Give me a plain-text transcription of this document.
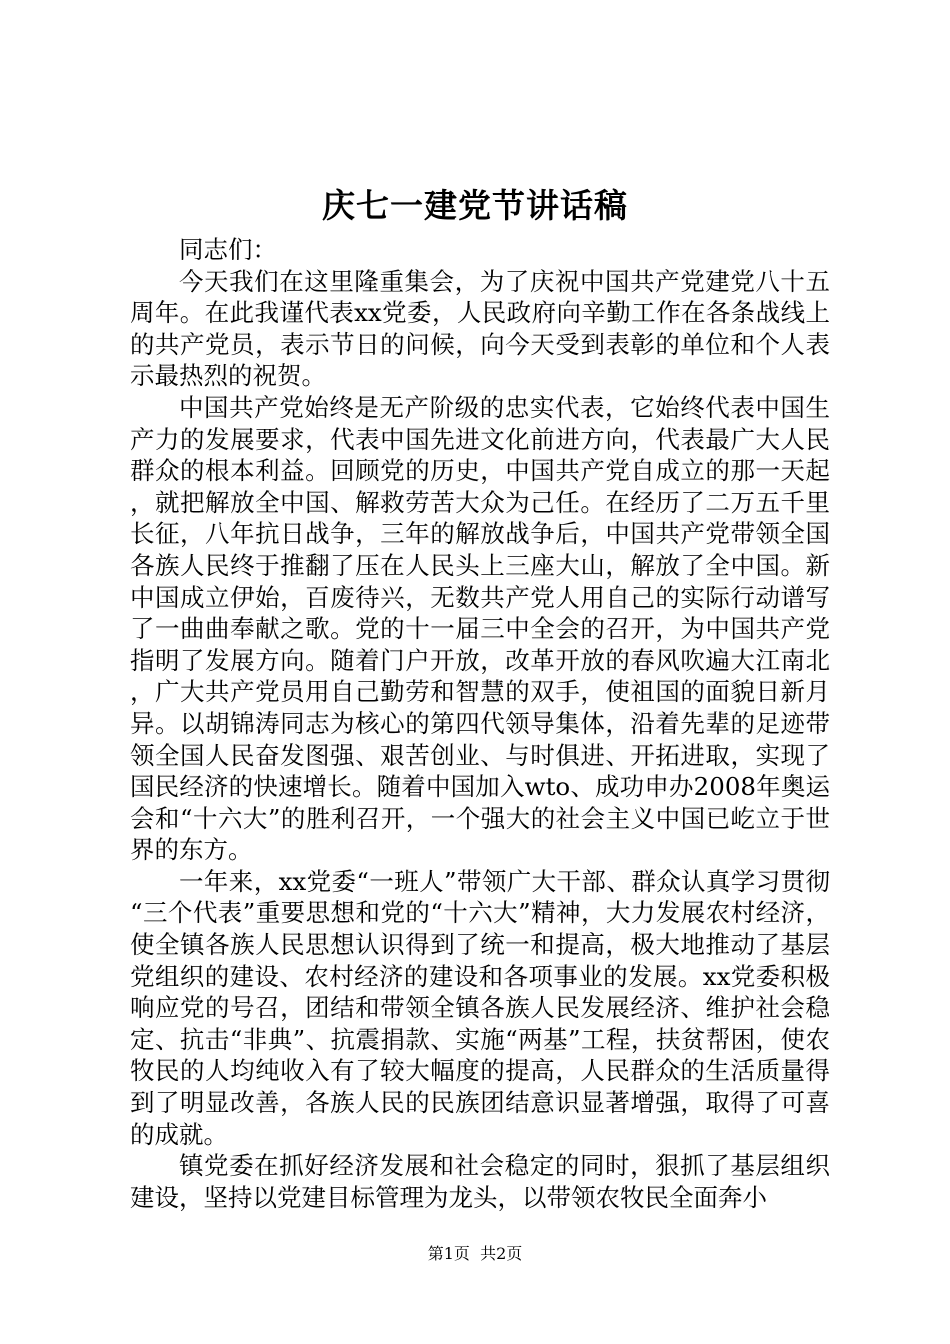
庆七一建党节讲话稿

同志们：

今天我们在这里隆重集会，为了庆祝中国共产党建党八十五周年。在此我谨代表xx党委，人民政府向辛勤工作在各条战线上的共产党员，表示节日的问候，向今天受到表彰的单位和个人表示最热烈的祝贺。

中国共产党始终是无产阶级的忠实代表，它始终代表中国生产力的发展要求，代表中国先进文化前进方向，代表最广大人民群众的根本利益。回顾党的历史，中国共产党自成立的那一天起，就把解放全中国、解救劳苦大众为己任。在经历了二万五千里长征，八年抗日战争，三年的解放战争后，中国共产党带领全国各族人民终于推翻了压在人民头上三座大山，解放了全中国。新中国成立伊始，百废待兴，无数共产党人用自己的实际行动谱写了一曲曲奉献之歌。党的十一届三中全会的召开，为中国共产党指明了发展方向。随着门户开放，改革开放的春风吹遍大江南北，广大共产党员用自己勤劳和智慧的双手，使祖国的面貌日新月异。以胡锦涛同志为核心的第四代领导集体，沿着先辈的足迹带领全国人民奋发图强、艰苦创业、与时俱进、开拓进取，实现了国民经济的快速增长。随着中国加入wto、成功申办2008年奥运会和“十六大”的胜利召开，一个强大的社会主义中国已屹立于世界的东方。

一年来，xx党委“一班人”带领广大干部、群众认真学习贯彻“三个代表”重要思想和党的“十六大”精神，大力发展农村经济，使全镇各族人民思想认识得到了统一和提高，极大地推动了基层党组织的建设、农村经济的建设和各项事业的发展。xx党委积极响应党的号召，团结和带领全镇各族人民发展经济、维护社会稳定、抗击“非典”、抗震捐款、实施“两基”工程，扶贫帮困，使农牧民的人均纯收入有了较大幅度的提高，人民群众的生活质量得到了明显改善，各族人民的民族团结意识显著增强，取得了可喜的成就。

镇党委在抓好经济发展和社会稳定的同时，狠抓了基层组织建设，坚持以党建目标管理为龙头，以带领农牧民全面奔小

第1页  共2页
